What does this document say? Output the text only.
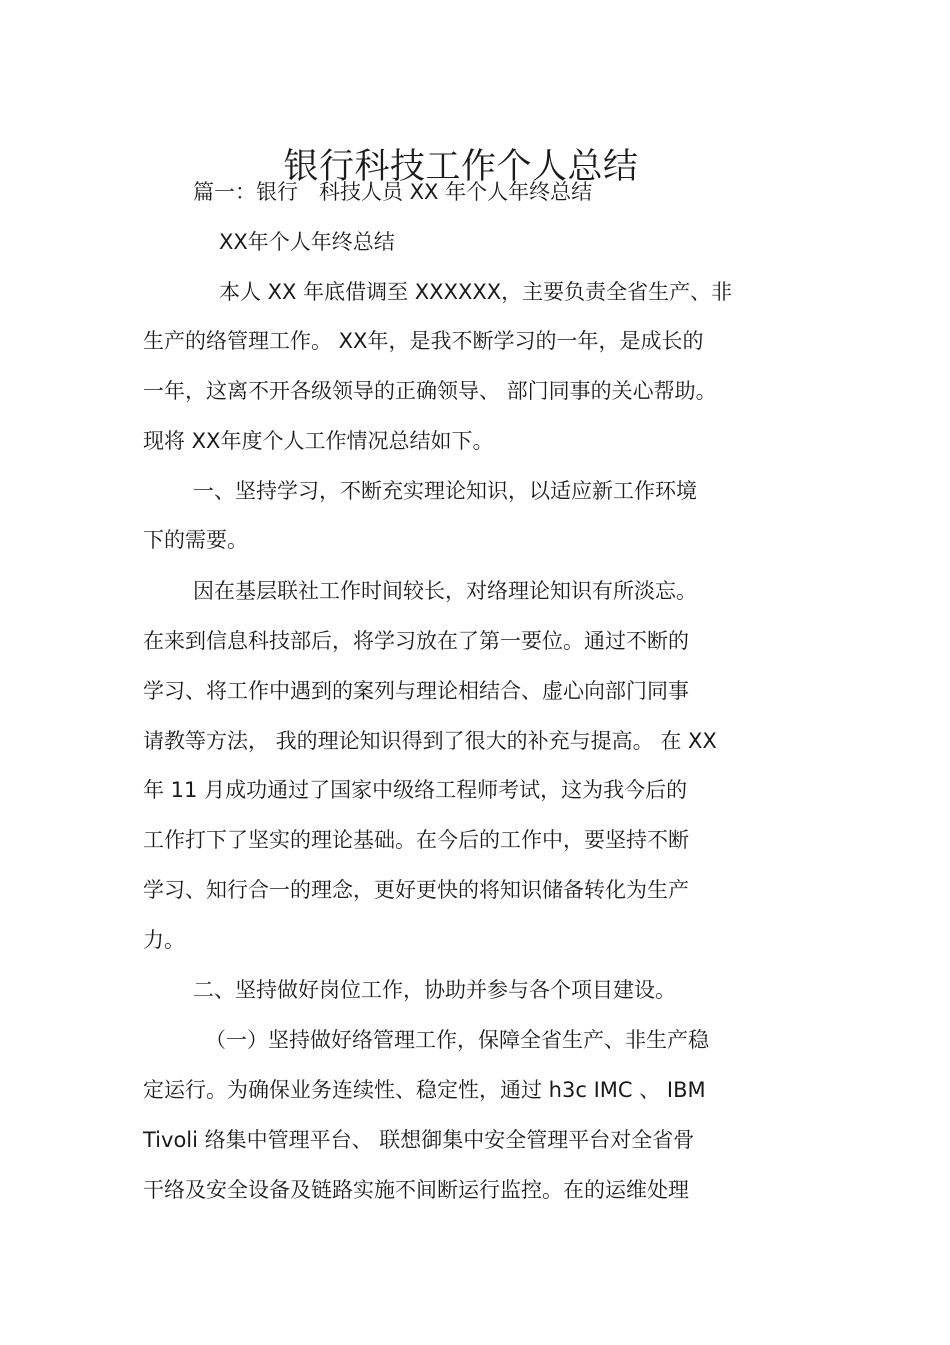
银行科技工作个人总结
篇一：银行　科技人员 XX 年个人年终总结
XX年个人年终总结
本人 XX 年底借调至 XXXXXX，主要负责全省生产、非
生产的络管理工作。 XX年，是我不断学习的一年，是成长的
一年，这离不开各级领导的正确领导、 部门同事的关心帮助。
现将 XX年度个人工作情况总结如下。
一、坚持学习，不断充实理论知识，以适应新工作环境
下的需要。
因在基层联社工作时间较长，对络理论知识有所淡忘。
在来到信息科技部后，将学习放在了第一要位。通过不断的
学习、将工作中遇到的案列与理论相结合、虚心向部门同事
请教等方法， 我的理论知识得到了很大的补充与提高。 在 XX
年 11 月成功通过了国家中级络工程师考试，这为我今后的
工作打下了坚实的理论基础。在今后的工作中，要坚持不断
学习、知行合一的理念，更好更快的将知识储备转化为生产
力。
二、坚持做好岗位工作，协助并参与各个项目建设。
（一）坚持做好络管理工作，保障全省生产、非生产稳
定运行。为确保业务连续性、稳定性，通过 h3c IMC 、 IBM
Tivoli 络集中管理平台、 联想御集中安全管理平台对全省骨
干络及安全设备及链路实施不间断运行监控。在的运维处理
